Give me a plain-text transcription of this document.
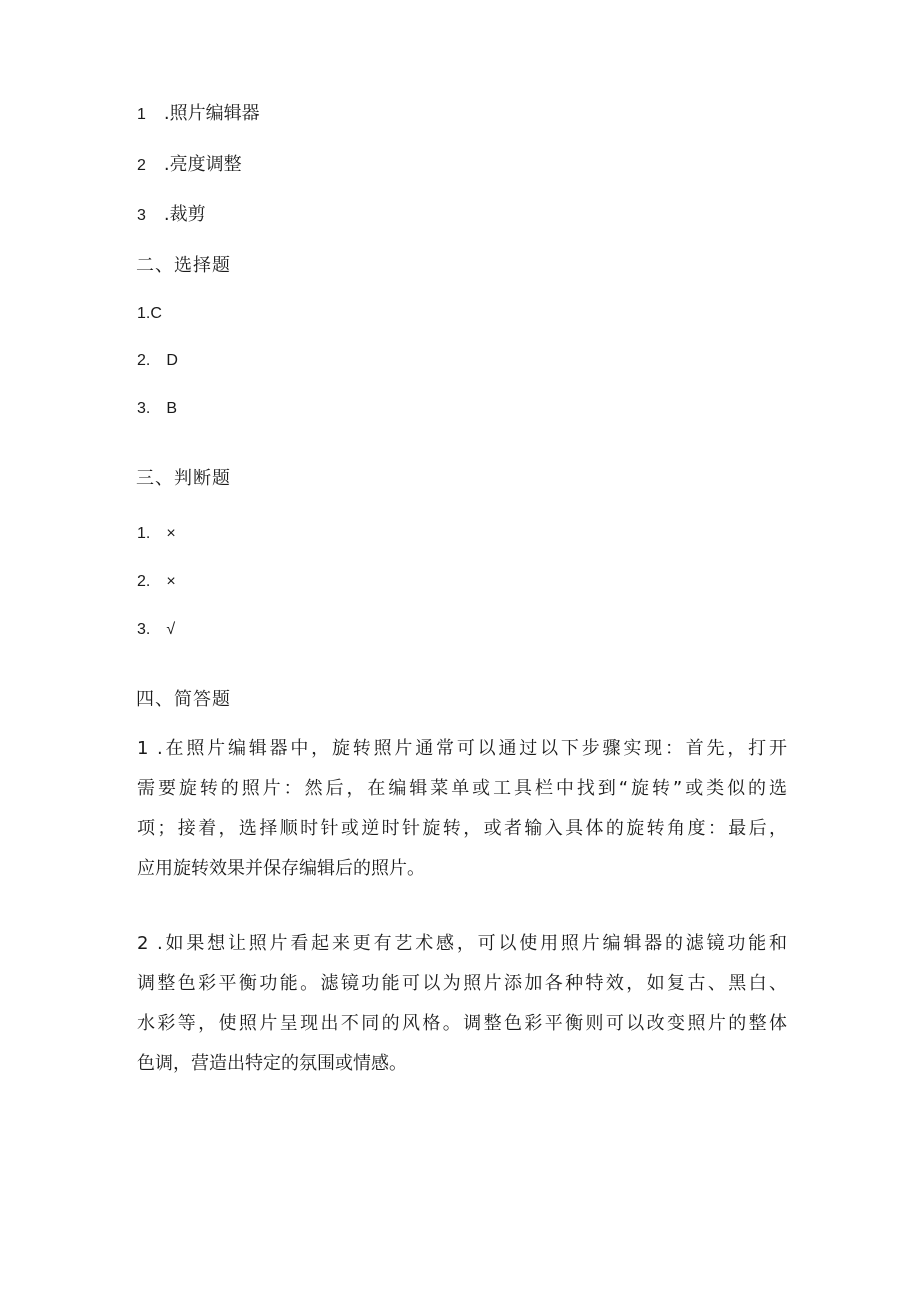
1 .照片编辑器
2 .亮度调整
3 .裁剪
二、选择题
1.C
2. D
3. B
三、判断题
1. ×
2. ×
3. √
四、简答题
1 .在照片编辑器中，旋转照片通常可以通过以下步骤实现：首先，打开
需要旋转的照片：然后，在编辑菜单或工具栏中找到“旋转”或类似的选
项；接着，选择顺时针或逆时针旋转，或者输入具体的旋转角度：最后，
应用旋转效果并保存编辑后的照片。
2 .如果想让照片看起来更有艺术感，可以使用照片编辑器的滤镜功能和
调整色彩平衡功能。滤镜功能可以为照片添加各种特效，如复古、黑白、
水彩等，使照片呈现出不同的风格。调整色彩平衡则可以改变照片的整体
色调，营造出特定的氛围或情感。
